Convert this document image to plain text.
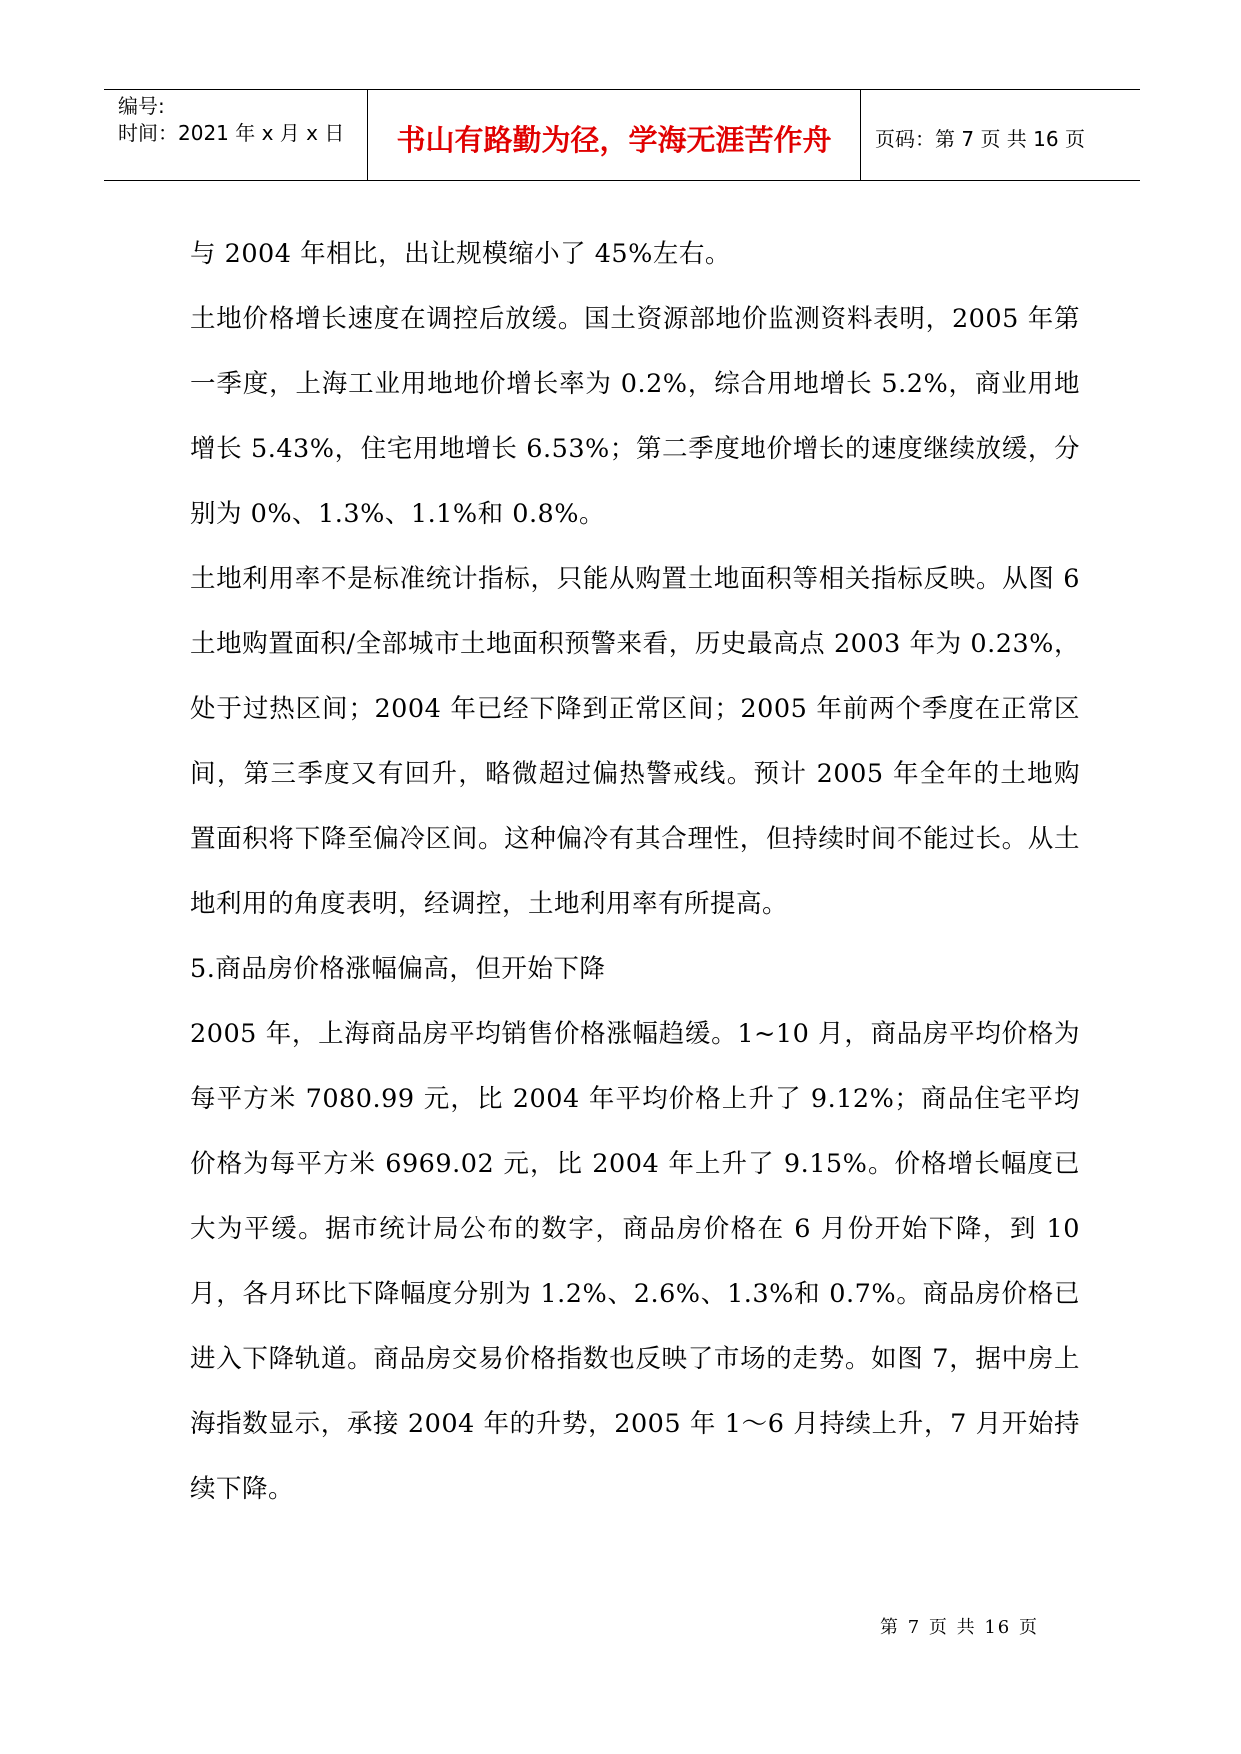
编号:
时间：2021 年 x 月 x 日	书山有路勤为径，学海无涯苦作舟	页码：第 7 页 共 16 页

与 2004 年相比，出让规模缩小了 45%左右。

土地价格增长速度在调控后放缓。国土资源部地价监测资料表明，2005 年第一季度，上海工业用地地价增长率为 0.2%，综合用地增长 5.2%，商业用地增长 5.43%，住宅用地增长 6.53%；第二季度地价增长的速度继续放缓，分别为 0%、1.3%、1.1%和 0.8%。

土地利用率不是标准统计指标，只能从购置土地面积等相关指标反映。从图 6 土地购置面积/全部城市土地面积预警来看，历史最高点 2003 年为 0.23%，处于过热区间；2004 年已经下降到正常区间；2005 年前两个季度在正常区间，第三季度又有回升，略微超过偏热警戒线。预计 2005 年全年的土地购置面积将下降至偏冷区间。这种偏冷有其合理性，但持续时间不能过长。从土地利用的角度表明，经调控，土地利用率有所提高。

5.商品房价格涨幅偏高，但开始下降

2005 年，上海商品房平均销售价格涨幅趋缓。1~10 月，商品房平均价格为每平方米 7080.99 元，比 2004 年平均价格上升了 9.12%；商品住宅平均价格为每平方米 6969.02 元，比 2004 年上升了 9.15%。价格增长幅度已大为平缓。据市统计局公布的数字，商品房价格在 6 月份开始下降，到 10 月，各月环比下降幅度分别为 1.2%、2.6%、1.3%和 0.7%。商品房价格已进入下降轨道。商品房交易价格指数也反映了市场的走势。如图 7，据中房上海指数显示，承接 2004 年的升势，2005 年 1～6 月持续上升，7 月开始持续下降。

第 7 页 共 16 页
